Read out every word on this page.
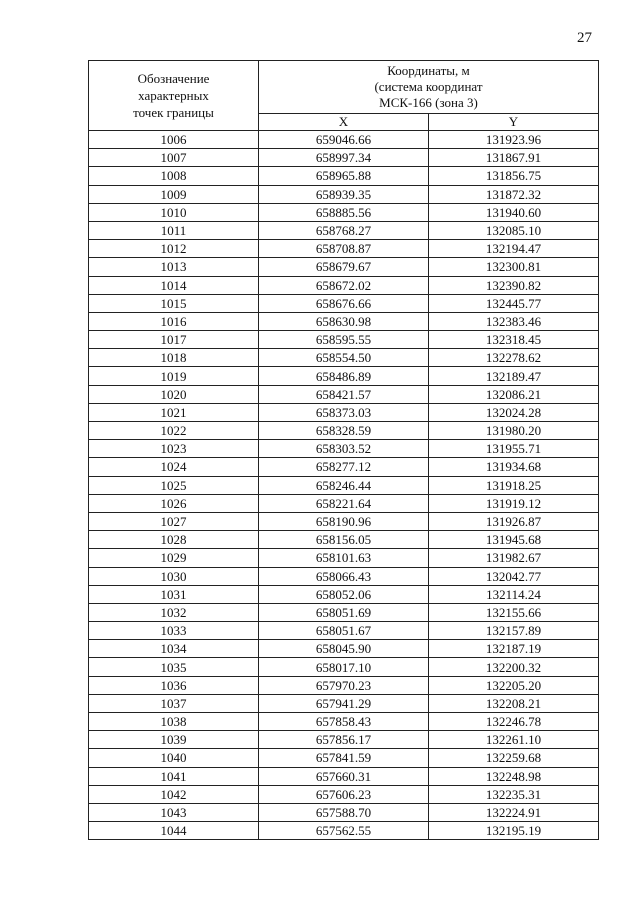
27
Обозначение
характерных
точек границы	Координаты, м
(система координат
МСК-166 (зона 3)	

	X	Y
1006	659046.66	131923.96
1007	658997.34	131867.91
1008	658965.88	131856.75
1009	658939.35	131872.32
1010	658885.56	131940.60
1011	658768.27	132085.10
1012	658708.87	132194.47
1013	658679.67	132300.81
1014	658672.02	132390.82
1015	658676.66	132445.77
1016	658630.98	132383.46
1017	658595.55	132318.45
1018	658554.50	132278.62
1019	658486.89	132189.47
1020	658421.57	132086.21
1021	658373.03	132024.28
1022	658328.59	131980.20
1023	658303.52	131955.71
1024	658277.12	131934.68
1025	658246.44	131918.25
1026	658221.64	131919.12
1027	658190.96	131926.87
1028	658156.05	131945.68
1029	658101.63	131982.67
1030	658066.43	132042.77
1031	658052.06	132114.24
1032	658051.69	132155.66
1033	658051.67	132157.89
1034	658045.90	132187.19
1035	658017.10	132200.32
1036	657970.23	132205.20
1037	657941.29	132208.21
1038	657858.43	132246.78
1039	657856.17	132261.10
1040	657841.59	132259.68
1041	657660.31	132248.98
1042	657606.23	132235.31
1043	657588.70	132224.91
1044	657562.55	132195.19
